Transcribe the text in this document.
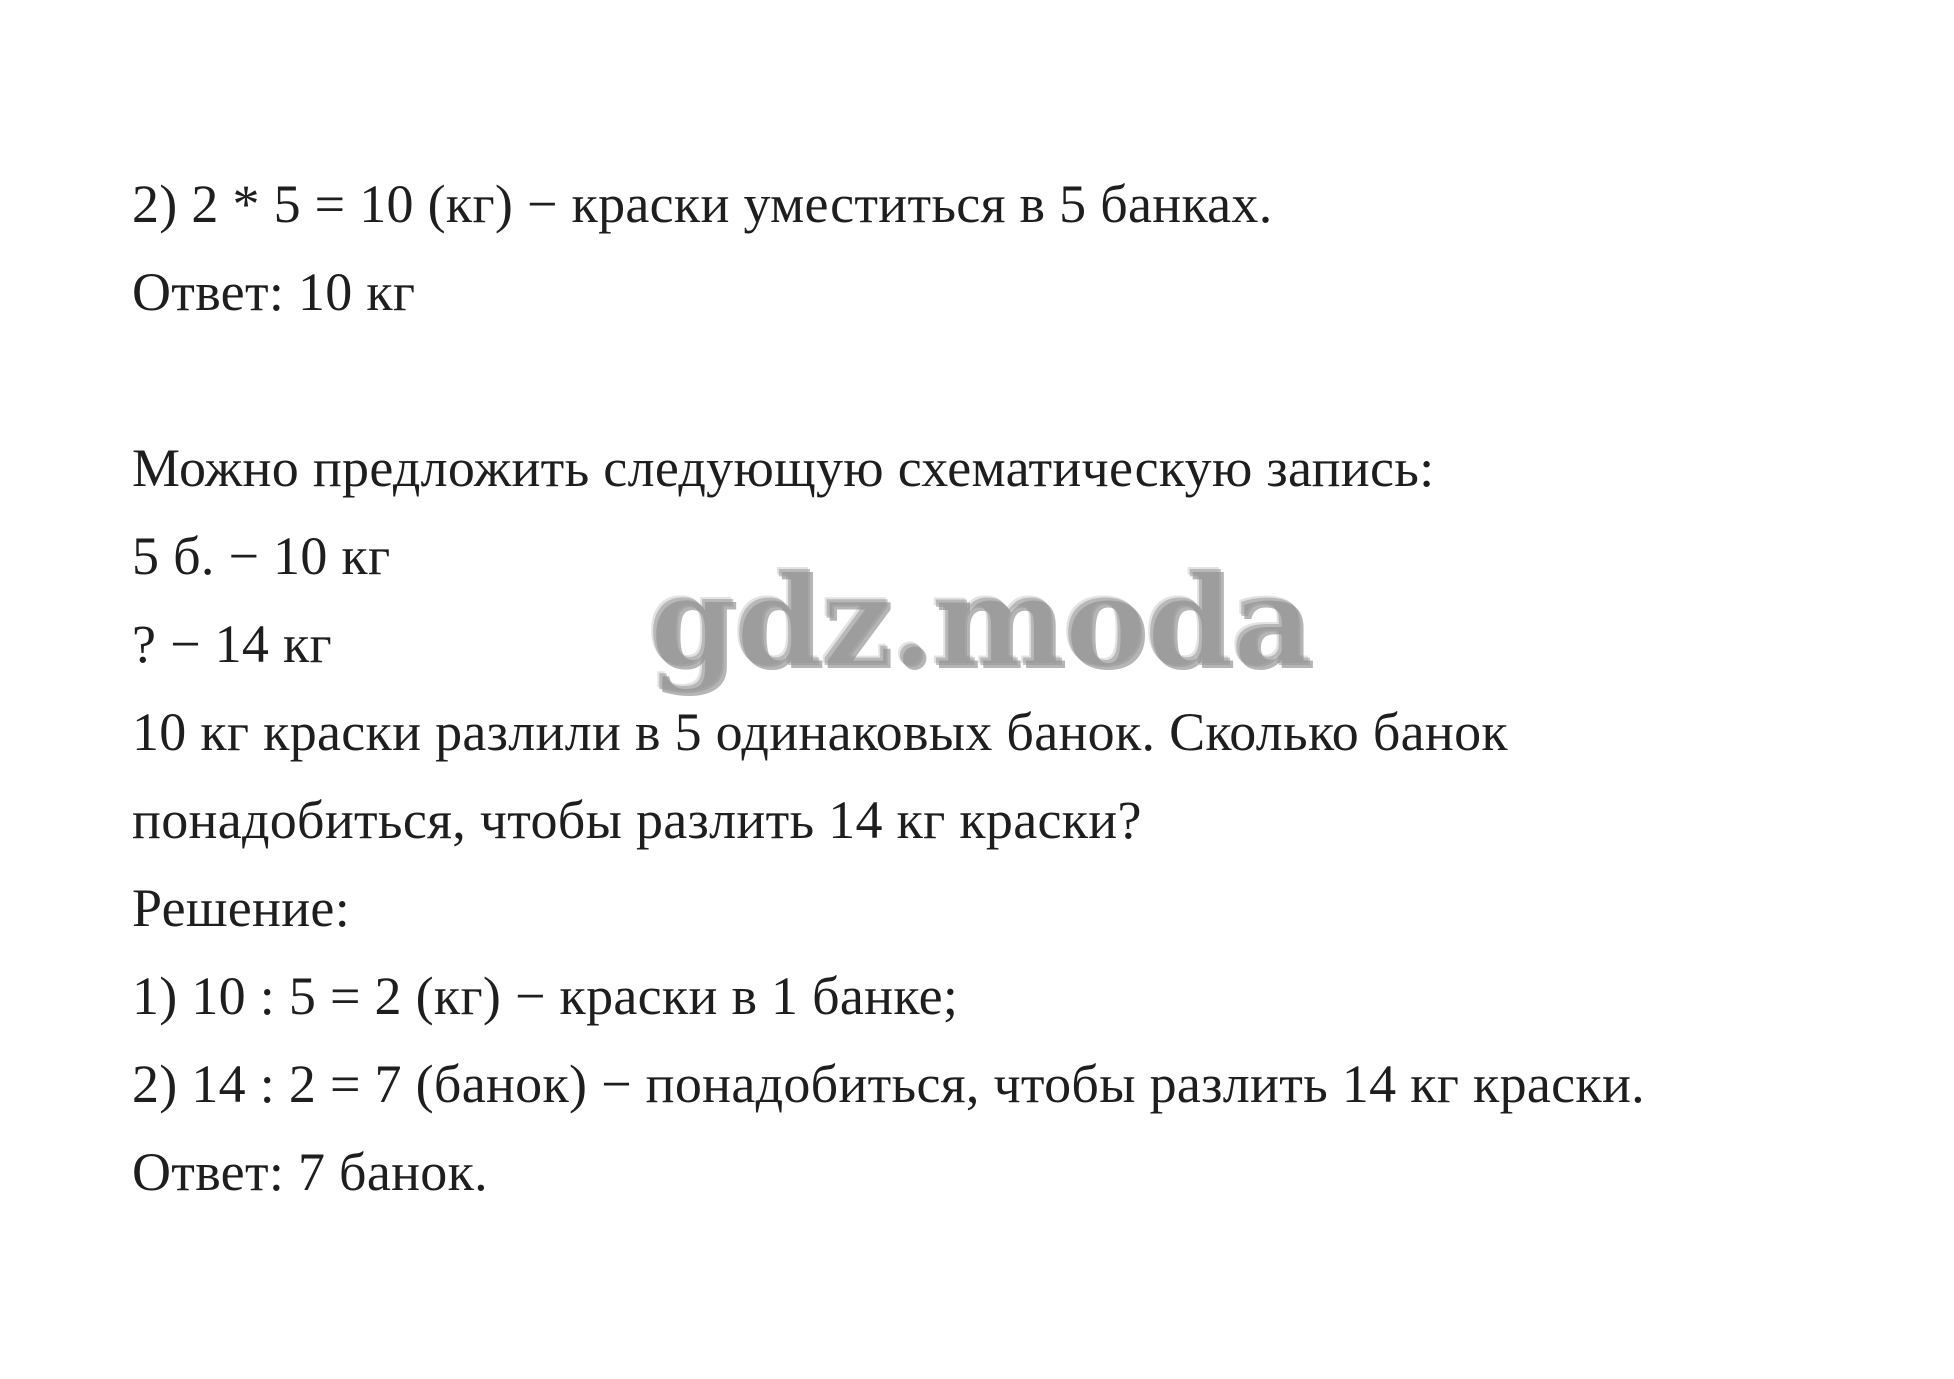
2) 2 * 5 = 10 (кг) − краски уместиться в 5 банках.
Ответ: 10 кг
Можно предложить следующую схематическую запись:
5 б. − 10 кг
? − 14 кг
10 кг краски разлили в 5 одинаковых банок. Сколько банок
понадобиться, чтобы разлить 14 кг краски?
Решение:
1) 10 : 5 = 2 (кг) − краски в 1 банке;
2) 14 : 2 = 7 (банок) − понадобиться, чтобы разлить 14 кг краски.
Ответ: 7 банок.
gdz.moda
